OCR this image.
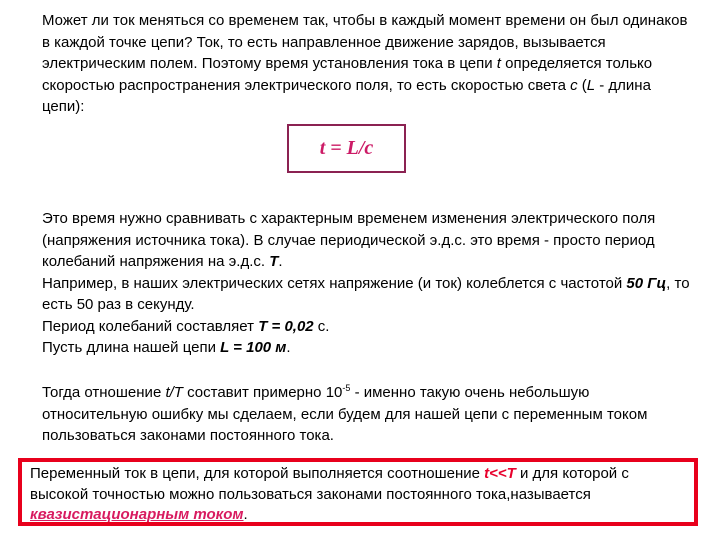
Может ли ток меняться со временем так, чтобы в каждый момент времени он был одинаков в каждой точке цепи? Ток, то есть направленное движение зарядов, вызывается электрическим полем. Поэтому время установления тока в цепи t определяется только скоростью распространения электрического поля, то есть скоростью света c (L - длина цепи):
t = L/c
Это время нужно сравнивать с характерным временем изменения электрического поля (напряжения источника тока). В случае периодической э.д.с. это время - просто период колебаний напряжения на э.д.с. T.
Например, в наших электрических сетях напряжение (и ток) колеблется с частотой 50 Гц, то есть 50 раз в секунду.
Период колебаний составляет T = 0,02 с.
Пусть длина нашей цепи L = 100 м.
Тогда отношение t/T составит примерно $10^{-5}$ - именно такую очень небольшую относительную ошибку мы сделаем, если будем для нашей цепи с переменным током пользоваться законами постоянного тока.
Переменный ток в цепи, для которой выполняется соотношение t<<T и для которой с высокой точностью можно пользоваться законами постоянного тока,называется квазистационарным током.
